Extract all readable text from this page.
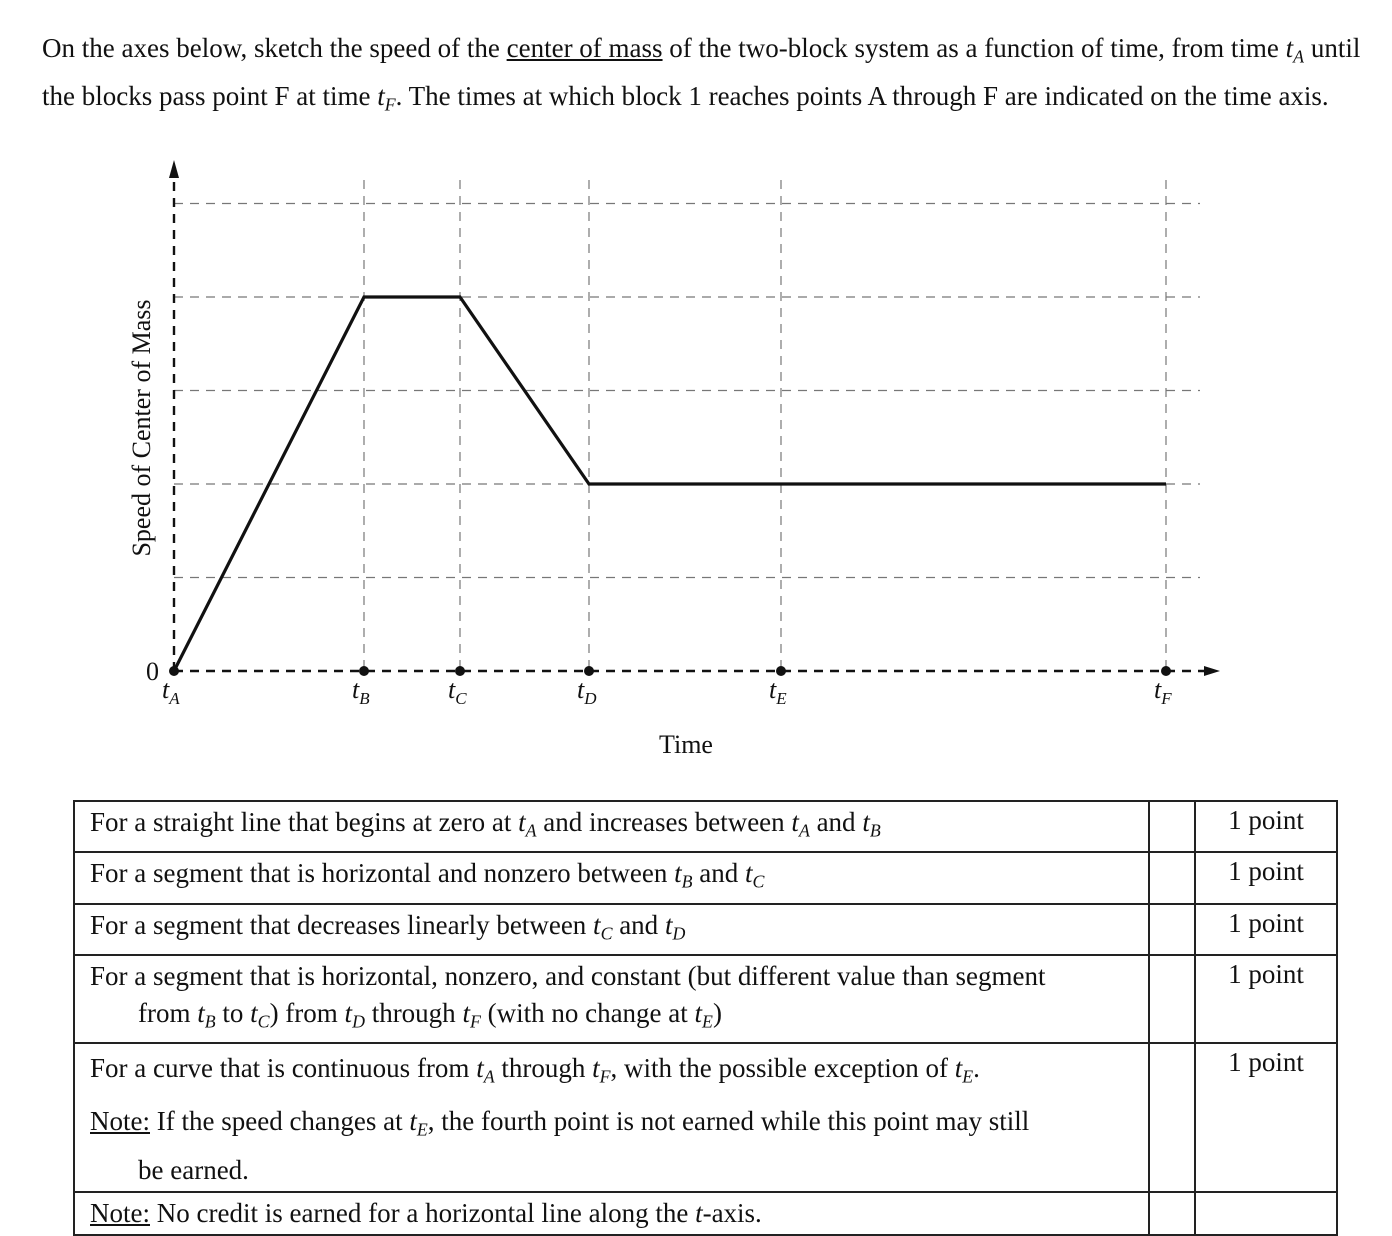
On the axes below, sketch the speed of the center of mass of the two-block system as a function of time, from time $t_A$ until the blocks pass point F at time $t_F$. The times at which block 1 reaches points A through F are indicated on the time axis.
0
$t_A$	$t_B$	$t_C$	$t_D$	$t_E$	$t_F$
Time
Speed of Center of Mass
For a straight line that begins at zero at $t_A$ and increases between $t_A$ and $t_B$		1 point
For a segment that is horizontal and nonzero between $t_B$ and $t_C$		1 point
For a segment that decreases linearly between $t_C$ and $t_D$		1 point
For a segment that is horizontal, nonzero, and constant (but different value than segment
from $t_B$ to $t_C$) from $t_D$ through $t_F$ (with no change at $t_E$)		1 point
For a curve that is continuous from $t_A$ through $t_F$, with the possible exception of $t_E$.
Note: If the speed changes at $t_E$, the fourth point is not earned while this point may still
be earned.		1 point
Note: No credit is earned for a horizontal line along the t-axis.		
